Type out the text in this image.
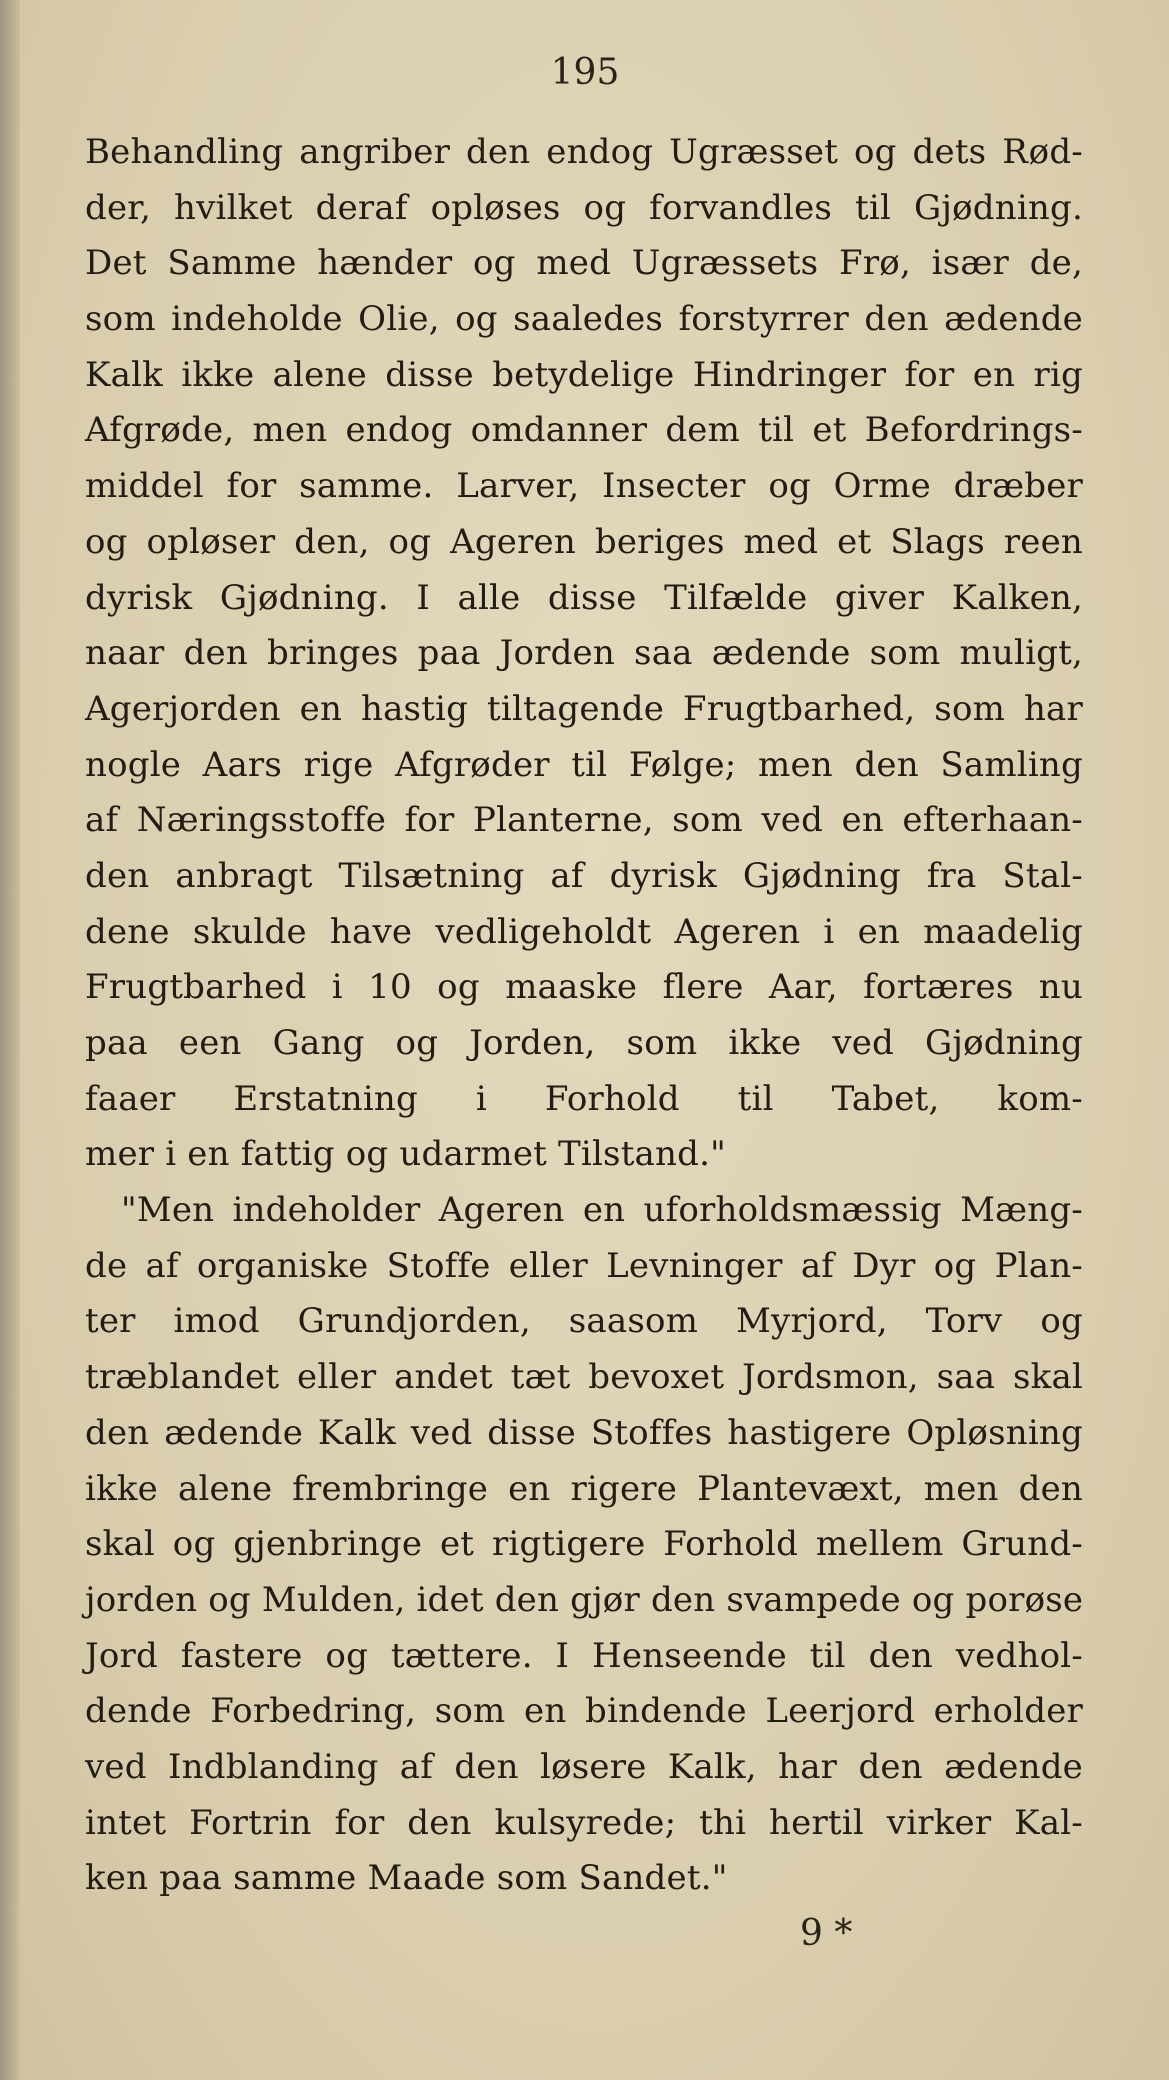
195
Behandling angriber den endog Ugræsset og dets Rød-
der, hvilket deraf opløses og forvandles til Gjødning.
Det Samme hænder og med Ugræssets Frø, især de,
som indeholde Olie, og saaledes forstyrrer den ædende
Kalk ikke alene disse betydelige Hindringer for en rig
Afgrøde, men endog omdanner dem til et Befordrings-
middel for samme. Larver, Insecter og Orme dræber
og opløser den, og Ageren beriges med et Slags reen
dyrisk Gjødning. I alle disse Tilfælde giver Kalken,
naar den bringes paa Jorden saa ædende som muligt,
Agerjorden en hastig tiltagende Frugtbarhed, som har
nogle Aars rige Afgrøder til Følge; men den Samling
af Næringsstoffe for Planterne, som ved en efterhaan-
den anbragt Tilsætning af dyrisk Gjødning fra Stal-
dene skulde have vedligeholdt Ageren i en maadelig
Frugtbarhed i 10 og maaske flere Aar, fortæres nu
paa een Gang og Jorden, som ikke ved Gjødning
faaer Erstatning i Forhold til Tabet, kom-
mer i en fattig og udarmet Tilstand."
"Men indeholder Ageren en uforholdsmæssig Mæng-
de af organiske Stoffe eller Levninger af Dyr og Plan-
ter imod Grundjorden, saasom Myrjord, Torv og
træblandet eller andet tæt bevoxet Jordsmon, saa skal
den ædende Kalk ved disse Stoffes hastigere Opløsning
ikke alene frembringe en rigere Plantevæxt, men den
skal og gjenbringe et rigtigere Forhold mellem Grund-
jorden og Mulden, idet den gjør den svampede og porøse
Jord fastere og tættere. I Henseende til den vedhol-
dende Forbedring, som en bindende Leerjord erholder
ved Indblanding af den løsere Kalk, har den ædende
intet Fortrin for den kulsyrede; thi hertil virker Kal-
ken paa samme Maade som Sandet."
9 *
